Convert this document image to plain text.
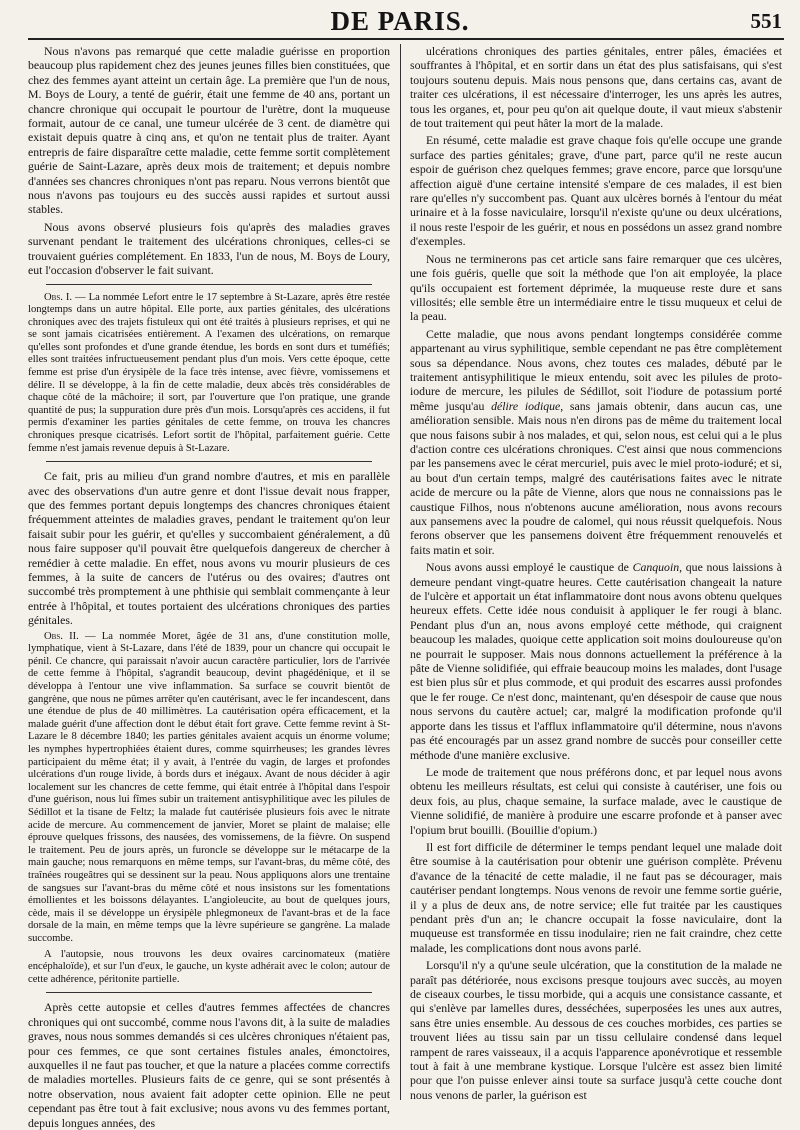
DE PARIS.	551

Nous n'avons pas remarqué que cette maladie guérisse en proportion beaucoup plus rapidement chez des jeunes jeunes filles bien constituées, que chez des femmes ayant atteint un certain âge. La première que l'un de nous, M. Boys de Loury, a tenté de guérir, était une femme de 40 ans, portant un chancre chronique qui occupait le pourtour de l'urètre, dont la muqueuse formait, autour de ce canal, une tumeur ulcérée de 3 cent. de diamètre qui existait depuis quatre à cinq ans, et qu'on ne tentait plus de traiter. Ayant entrepris de faire disparaître cette maladie, cette femme sortit complètement guérie de Saint-Lazare, après deux mois de traitement; et depuis nombre d'années ses chancres chroniques n'ont pas reparu. Nous verrons bientôt que nous n'avons pas toujours eu des succès aussi rapides et surtout aussi stables.

Nous avons observé plusieurs fois qu'après des maladies graves survenant pendant le traitement des ulcérations chroniques, celles-ci se trouvaient guéries complétement. En 1833, l'un de nous, M. Boys de Loury, eut l'occasion d'observer le fait suivant.

Obs. I. — La nommée Lefort entre le 17 septembre à St-Lazare, après être restée longtemps dans un autre hôpital. Elle porte, aux parties génitales, des ulcérations chroniques avec des trajets fistuleux qui ont été traités à plusieurs reprises, et qui ne se sont jamais cicatrisées entièrement. A l'examen des ulcérations, on remarque qu'elles sont profondes et d'une grande étendue, les bords en sont durs et tuméfiés; elles sont traitées infructueusement pendant plus d'un mois. Vers cette époque, cette femme est prise d'un érysipèle de la face très intense, avec fièvre, vomissemens et délire. Il se développe, à la fin de cette maladie, deux abcès très considérables de chaque côté de la mâchoire; il sort, par l'ouverture que l'on pratique, une grande quantité de pus; la suppuration dure près d'un mois. Lorsqu'après ces accidens, il fut permis d'examiner les parties génitales de cette femme, on trouva les chancres chroniques presque cicatrisés. Lefort sortit de l'hôpital, parfaitement guérie. Cette femme n'est jamais revenue depuis à St-Lazare.

Ce fait, pris au milieu d'un grand nombre d'autres, et mis en parallèle avec des observations d'un autre genre et dont l'issue devait nous frapper, que des femmes portant depuis longtemps des chancres chroniques étaient fréquemment atteintes de maladies graves, pendant le traitement qu'on leur faisait subir pour les guérir, et qu'elles y succombaient généralement, a dû nous faire supposer qu'il pouvait être quelquefois dangereux de chercher à remédier à cette maladie. En effet, nous avons vu mourir plusieurs de ces femmes, à la suite de cancers de l'utérus ou des ovaires; d'autres ont succombé très promptement à une phthisie qui semblait commençante à leur entrée à l'hôpital, et toutes portaient des ulcérations chroniques des parties génitales.

Obs. II. — La nommée Moret, âgée de 31 ans, d'une constitution molle, lymphatique, vient à St-Lazare, dans l'été de 1839, pour un chancre qui occupait le pénil. Ce chancre, qui paraissait n'avoir aucun caractère particulier, lors de l'arrivée de cette femme à l'hôpital, s'agrandit beaucoup, devint phagédénique, et il se développa à l'entour une vive inflammation. Sa surface se couvrit bientôt de gangrène, que nous ne pûmes arrêter qu'en cautérisant, avec le fer incandescent, dans une étendue de plus de 40 millimètres. La cautérisation opéra efficacement, et la malade guérit d'une affection dont le début était fort grave. Cette femme revint à St-Lazare le 8 décembre 1840; les parties génitales avaient acquis un énorme volume; les nymphes hypertrophiées étaient dures, comme squirrheuses; les grandes lèvres participaient du même état; il y avait, à l'entrée du vagin, de larges et profondes ulcérations d'un rouge livide, à bords durs et inégaux. Avant de nous décider à agir localement sur les chancres de cette femme, qui était entrée à l'hôpital dans l'espoir d'une guérison, nous lui fîmes subir un traitement antisyphilitique avec les pilules de Sédillot et la tisane de Feltz; la malade fut cautérisée plusieurs fois avec le nitrate acide de mercure. Au commencement de janvier, Moret se plaint de malaise; elle éprouve quelques frissons, des nausées, des vomissemens, de la fièvre. On suspend le traitement. Peu de jours après, un furoncle se développe sur le métacarpe de la main gauche; nous remarquons en même temps, sur l'avant-bras, du même côté, des traînées rougeâtres qui se dessinent sur la peau. Nous appliquons alors une trentaine de sangsues sur l'avant-bras du même côté et nous insistons sur les fomentations émollientes et les boissons délayantes. L'angioleucite, au bout de quelques jours, cède, mais il se développe un érysipèle phlegmoneux de l'avant-bras et de la face dorsale de la main, en même temps que la lèvre supérieure se gangrène. La malade succombe.

A l'autopsie, nous trouvons les deux ovaires carcinomateux (matière encéphaloïde), et sur l'un d'eux, le gauche, un kyste adhérait avec le colon; autour de cette adhérence, péritonite partielle.

Après cette autopsie et celles d'autres femmes affectées de chancres chroniques qui ont succombé, comme nous l'avons dit, à la suite de maladies graves, nous nous sommes demandés si ces ulcères chroniques n'étaient pas, pour ces femmes, ce que sont certaines fistules anales, émonctoires, auxquelles il ne faut pas toucher, et que la nature a placées comme correctifs de maladies mortelles. Plusieurs faits de ce genre, qui se sont présentés à notre observation, nous avaient fait adopter cette opinion. Elle ne peut cependant pas être tout à fait exclusive; nous avons vu des femmes portant, depuis longues années, des

ulcérations chroniques des parties génitales, entrer pâles, émaciées et souffrantes à l'hôpital, et en sortir dans un état des plus satisfaisans, qui s'est toujours soutenu depuis. Mais nous pensons que, dans certains cas, avant de traiter ces ulcérations, il est nécessaire d'interroger, les uns après les autres, tous les organes, et, pour peu qu'on ait quelque doute, il vaut mieux s'abstenir de tout traitement qui peut hâter la mort de la malade.

En résumé, cette maladie est grave chaque fois qu'elle occupe une grande surface des parties génitales; grave, d'une part, parce qu'il ne reste aucun espoir de guérison chez quelques femmes; grave encore, parce que lorsqu'une affection aiguë d'une certaine intensité s'empare de ces malades, il est bien rare qu'elles n'y succombent pas. Quant aux ulcères bornés à l'entour du méat urinaire et à la fosse naviculaire, lorsqu'il n'existe qu'une ou deux ulcérations, il nous reste l'espoir de les guérir, et nous en possédons un assez grand nombre d'exemples.

Nous ne terminerons pas cet article sans faire remarquer que ces ulcères, une fois guéris, quelle que soit la méthode que l'on ait employée, la place qu'ils occupaient est fortement déprimée, la muqueuse reste dure et sans villosités; elle semble être un intermédiaire entre le tissu muqueux et celui de la peau.

Cette maladie, que nous avons pendant longtemps considérée comme appartenant au virus syphilitique, semble cependant ne pas être complètement sous sa dépendance. Nous avons, chez toutes ces malades, débuté par le traitement antisyphilitique le mieux entendu, soit avec les pilules de proto-iodure de mercure, les pilules de Sédillot, soit l'iodure de potassium porté même jusqu'au délire iodique, sans jamais obtenir, dans aucun cas, une amélioration sensible. Mais nous n'en dirons pas de même du traitement local que nous faisons subir à nos malades, et qui, selon nous, est celui qui a le plus d'action contre ces ulcérations chroniques. C'est ainsi que nous commencions par les pansemens avec le cérat mercuriel, puis avec le miel proto-ioduré; et si, au bout d'un certain temps, malgré des cautérisations faites avec le nitrate acide de mercure ou la pâte de Vienne, alors que nous ne connaissions pas le caustique Filhos, nous n'obtenons aucune amélioration, nous avons recours aux pansemens avec la poudre de calomel, qui nous réussit quelquefois. Nous ferons observer que les pansemens doivent être fréquemment renouvelés et faits matin et soir.

Nous avons aussi employé le caustique de Canquoin, que nous laissions à demeure pendant vingt-quatre heures. Cette cautérisation changeait la nature de l'ulcère et apportait un état inflammatoire dont nous avons obtenu quelques heureux effets. Cette idée nous conduisit à appliquer le fer rougi à blanc. Pendant plus d'un an, nous avons employé cette méthode, qui craignent beaucoup les malades, quoique cette application soit moins douloureuse qu'on ne pourrait le supposer. Mais nous donnons actuellement la préférence à la pâte de Vienne solidifiée, qui effraie beaucoup moins les malades, dont l'usage est bien plus sûr et plus commode, et qui produit des escarres aussi profondes que le fer rouge. Ce n'est donc, maintenant, qu'en désespoir de cause que nous nous servons du cautère actuel; car, malgré la modification profonde qu'il apporte dans les tissus et l'afflux inflammatoire qu'il détermine, nous n'avons pas été encouragés par un assez grand nombre de succès pour conseiller cette méthode d'une manière exclusive.

Le mode de traitement que nous préférons donc, et par lequel nous avons obtenu les meilleurs résultats, est celui qui consiste à cautériser, une fois ou deux fois, au plus, chaque semaine, la surface malade, avec le caustique de Vienne solidifié, de manière à produire une escarre profonde et à panser avec l'opium brut bouilli. (Bouillie d'opium.)

Il est fort difficile de déterminer le temps pendant lequel une malade doit être soumise à la cautérisation pour obtenir une guérison complète. Prévenu d'avance de la ténacité de cette maladie, il ne faut pas se décourager, mais cautériser pendant longtemps. Nous venons de revoir une femme sortie guérie, il y a plus de deux ans, de notre service; elle fut traitée par les caustiques pendant près d'un an; le chancre occupait la fosse naviculaire, dont la muqueuse est transformée en tissu inodulaire; rien ne fait craindre, chez cette malade, les complications dont nous avons parlé.

Lorsqu'il n'y a qu'une seule ulcération, que la constitution de la malade ne paraît pas détériorée, nous excisons presque toujours avec succès, au moyen de ciseaux courbes, le tissu morbide, qui a acquis une consistance cassante, et qui s'enlève par lamelles dures, desséchées, superposées les unes aux autres, sans être unies ensemble. Au dessous de ces couches morbides, ces parties se trouvent liées au tissu sain par un tissu cellulaire condensé dans lequel rampent de rares vaisseaux, il a acquis l'apparence aponévrotique et ressemble tout à fait à une membrane kystique. Lorsque l'ulcère est assez bien limité pour que l'on puisse enlever ainsi toute sa surface jusqu'à cette couche dont nous venons de parler, la guérison est
